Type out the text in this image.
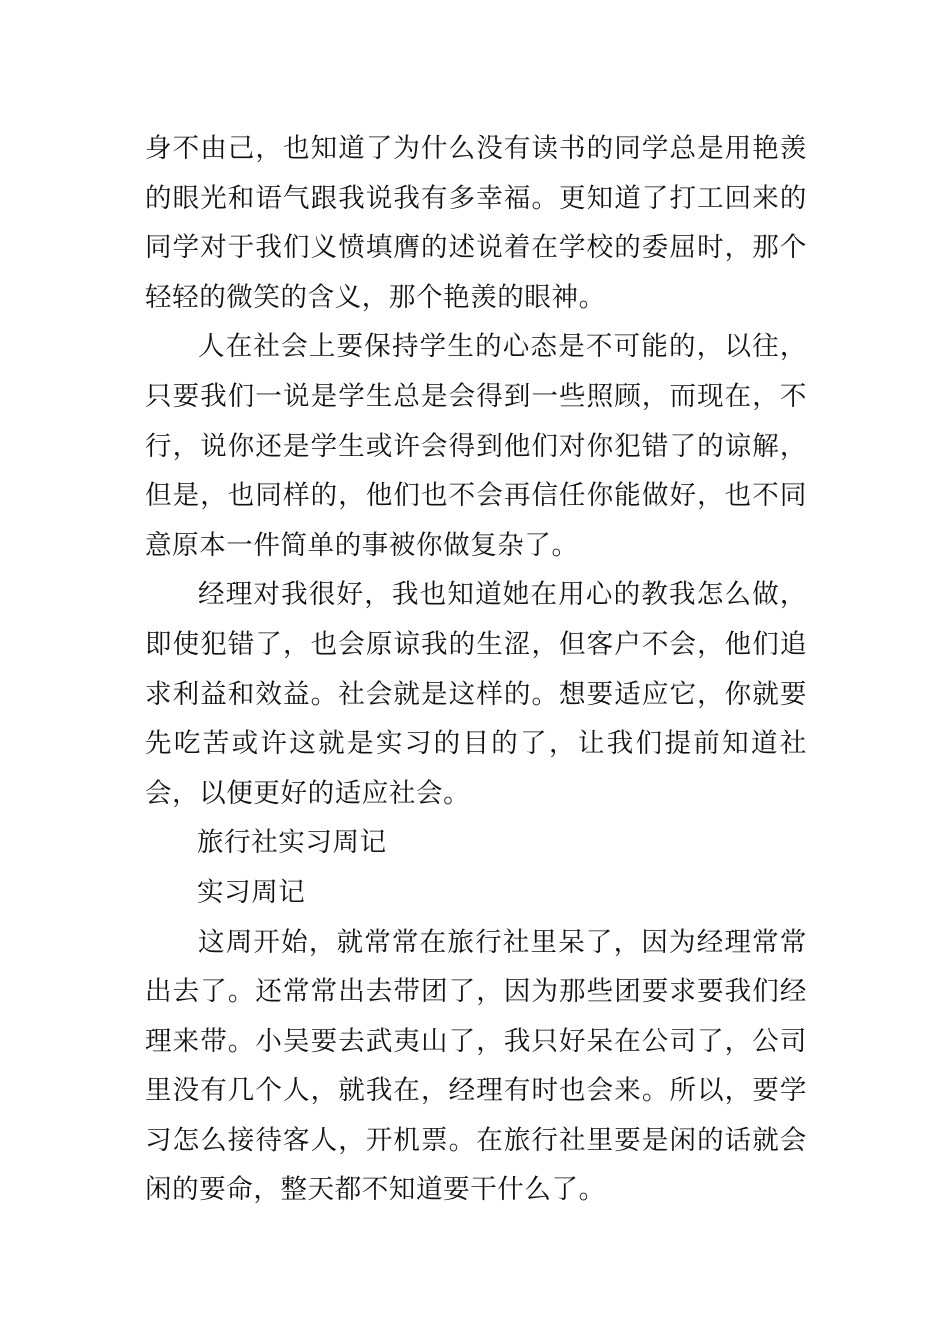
身不由己，也知道了为什么没有读书的同学总是用艳羡的眼光和语气跟我说我有多幸福。更知道了打工回来的同学对于我们义愤填膺的述说着在学校的委屈时，那个轻轻的微笑的含义，那个艳羡的眼神。

人在社会上要保持学生的心态是不可能的，以往，只要我们一说是学生总是会得到一些照顾，而现在，不行，说你还是学生或许会得到他们对你犯错了的谅解，但是，也同样的，他们也不会再信任你能做好，也不同意原本一件简单的事被你做复杂了。

经理对我很好，我也知道她在用心的教我怎么做，即使犯错了，也会原谅我的生涩，但客户不会，他们追求利益和效益。社会就是这样的。想要适应它，你就要先吃苦或许这就是实习的目的了，让我们提前知道社会，以便更好的适应社会。

旅行社实习周记

实习周记

这周开始，就常常在旅行社里呆了，因为经理常常出去了。还常常出去带团了，因为那些团要求要我们经理来带。小吴要去武夷山了，我只好呆在公司了，公司里没有几个人，就我在，经理有时也会来。所以，要学习怎么接待客人，开机票。在旅行社里要是闲的话就会闲的要命，整天都不知道要干什么了。
